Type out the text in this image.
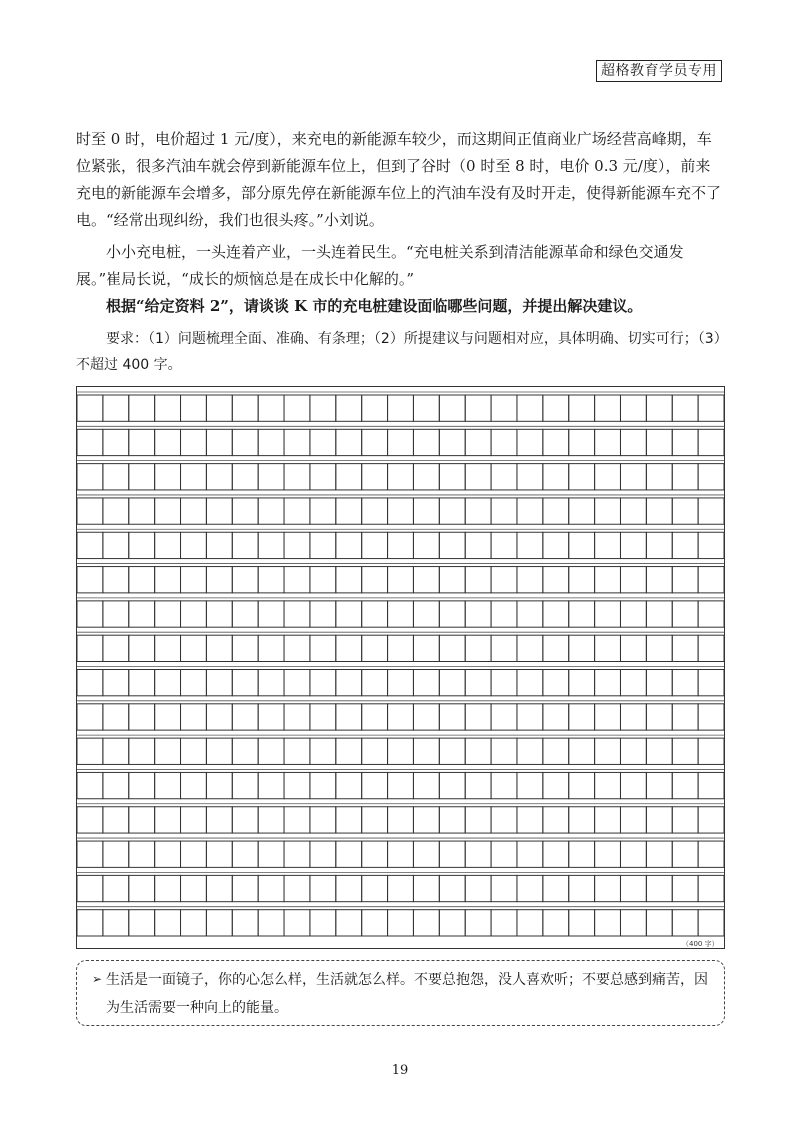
超格教育学员专用

时至 0 时，电价超过 1 元/度），来充电的新能源车较少，而这期间正值商业广场经营高峰期，车位紧张，很多汽油车就会停到新能源车位上，但到了谷时（0 时至 8 时，电价 0.3 元/度），前来充电的新能源车会增多，部分原先停在新能源车位上的汽油车没有及时开走，使得新能源车充不了电。“经常出现纠纷，我们也很头疼。”小刘说。

小小充电桩，一头连着产业，一头连着民生。“充电桩关系到清洁能源革命和绿色交通发展。”崔局长说，“成长的烦恼总是在成长中化解的。”

根据“给定资料 2”，请谈谈 K 市的充电桩建设面临哪些问题，并提出解决建议。

要求：（1）问题梳理全面、准确、有条理；（2）所提建议与问题相对应，具体明确、切实可行；（3）不超过 400 字。

（400 字）
➢ 生活是一面镜子，你的心怎么样，生活就怎么样。不要总抱怨，没人喜欢听；不要总感到痛苦，因为生活需要一种向上的能量。

19
